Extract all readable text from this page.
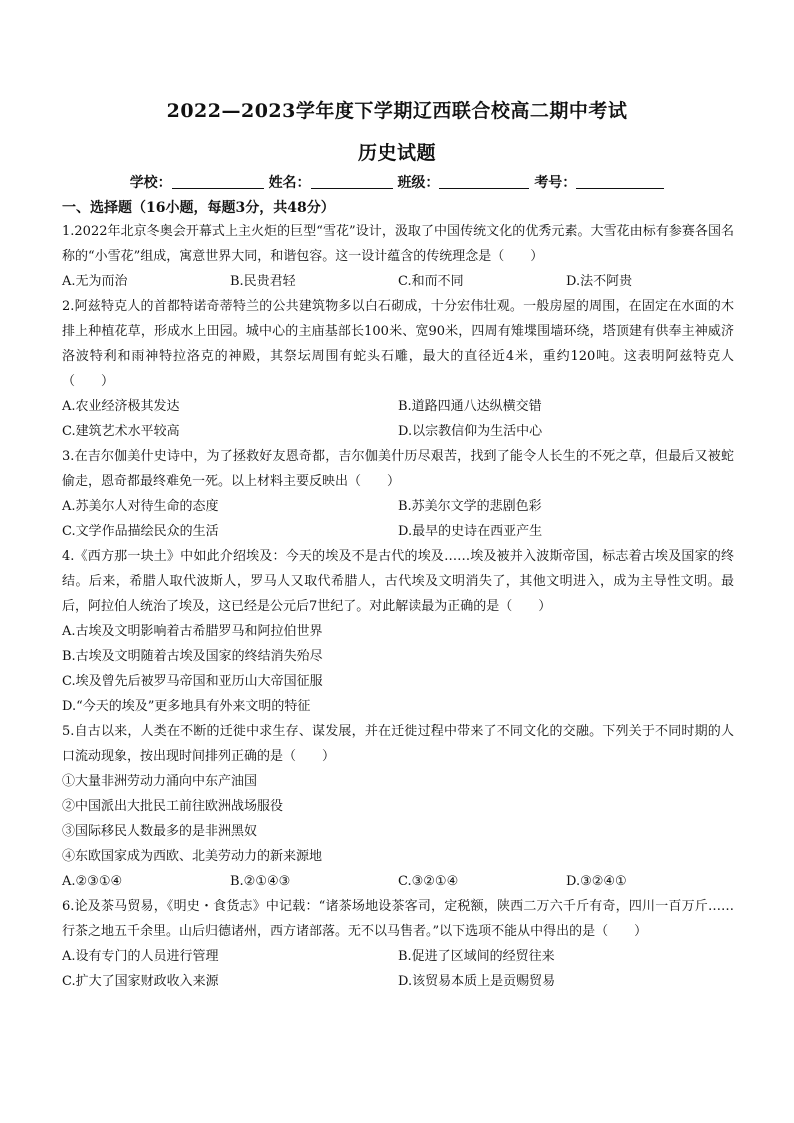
2022—2023学年度下学期辽西联合校高二期中考试
历史试题
学校：	姓名：	班级：	考号：
一、选择题（16小题，每题3分，共48分）
1.2022年北京冬奥会开幕式上主火炬的巨型“雪花”设计，汲取了中国传统文化的优秀元素。大雪花由标有参赛各国名称的“小雪花”组成，寓意世界大同，和谐包容。这一设计蕴含的传统理念是（　　）
A.无为而治	B.民贵君轻	C.和而不同	D.法不阿贵
2.阿兹特克人的首都特诺奇蒂特兰的公共建筑物多以白石砌成，十分宏伟壮观。一般房屋的周围，在固定在水面的木排上种植花草，形成水上田园。城中心的主庙基部长100米、宽90米，四周有雉堞围墙环绕，塔顶建有供奉主神威济洛波特利和雨神特拉洛克的神殿，其祭坛周围有蛇头石雕，最大的直径近4米，重约120吨。这表明阿兹特克人（　　）
A.农业经济极其发达	B.道路四通八达纵横交错
C.建筑艺术水平较高	D.以宗教信仰为生活中心
3.在吉尔伽美什史诗中，为了拯救好友恩奇都，吉尔伽美什历尽艰苦，找到了能令人长生的不死之草，但最后又被蛇偷走，恩奇都最终难免一死。以上材料主要反映出（　　）
A.苏美尔人对待生命的态度	B.苏美尔文学的悲剧色彩
C.文学作品描绘民众的生活	D.最早的史诗在西亚产生
4.《西方那一块土》中如此介绍埃及：今天的埃及不是古代的埃及……埃及被并入波斯帝国，标志着古埃及国家的终结。后来，希腊人取代波斯人，罗马人又取代希腊人，古代埃及文明消失了，其他文明进入，成为主导性文明。最后，阿拉伯人统治了埃及，这已经是公元后7世纪了。对此解读最为正确的是（　　）
A.古埃及文明影响着古希腊罗马和阿拉伯世界
B.古埃及文明随着古埃及国家的终结消失殆尽
C.埃及曾先后被罗马帝国和亚历山大帝国征服
D.“今天的埃及”更多地具有外来文明的特征
5.自古以来，人类在不断的迁徙中求生存、谋发展，并在迁徙过程中带来了不同文化的交融。下列关于不同时期的人口流动现象，按出现时间排列正确的是（　　）
①大量非洲劳动力涌向中东产油国
②中国派出大批民工前往欧洲战场服役
③国际移民人数最多的是非洲黑奴
④东欧国家成为西欧、北美劳动力的新来源地
A.②③①④	B.②①④③	C.③②①④	D.③②④①
6.论及茶马贸易，《明史・食货志》中记载：“诸茶场地设茶客司，定税额，陕西二万六千斤有奇，四川一百万斤……行茶之地五千余里。山后归德诸州，西方诸部落。无不以马售者。”以下选项不能从中得出的是（　　）
A.设有专门的人员进行管理	B.促进了区域间的经贸往来
C.扩大了国家财政收入来源	D.该贸易本质上是贡赐贸易
